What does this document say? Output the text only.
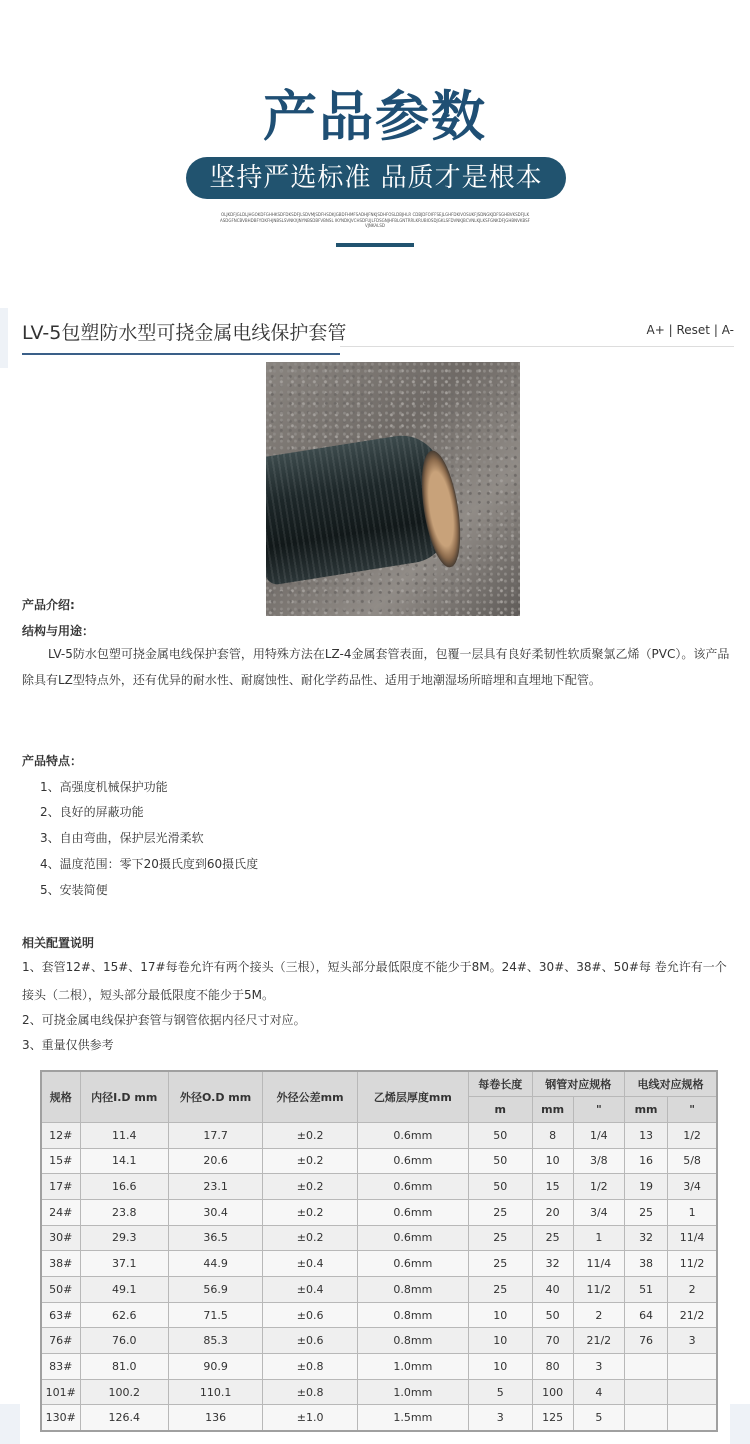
产品参数
坚持严选标准 品质才是根本
OLJKDFJGLDLJHGOKDFGHHKSDFDKSDFJLSDVMJSDFHSDKJGBDFHMFSADHJFNKJSDHFOSLDBJHLR CDBJDFOIFFSEJLGHFDKIVOSUKFJSDNGKJDFSGHBVKSDFJLKASDGFNCBVBHDBFYDKFHJNBSLSVNKXJNYNBSDBFVBNSL IKYNDKJVCHSDFUJLFDSGNJHFBLGNTRRLKRUBIOSDJGKLSFDVNKJBCVNLKJLKSFGNKDFJGHBNVKBSFVJNKALSD
LV-5包塑防水型可挠金属电线保护套管	A+ | Reset | A-
产品介绍:
结构与用途：
LV-5防水包塑可挠金属电线保护套管，用特殊方法在LZ-4金属套管表面，包覆一层具有良好柔韧性软质聚氯乙烯（PVC）。该产品除具有LZ型特点外，还有优异的耐水性、耐腐蚀性、耐化学药品性、适用于地潮湿场所暗埋和直埋地下配管。
产品特点：
1、高强度机械保护功能
2、良好的屏蔽功能
3、自由弯曲，保护层光滑柔软
4、温度范围：零下20摄氏度到60摄氏度
5、安装简便
相关配置说明
1、套管12#、15#、17#每卷允许有两个接头（三根），短头部分最低限度不能少于8M。24#、30#、38#、50#每 卷允许有一个接头（二根），短头部分最低限度不能少于5M。
2、可挠金属电线保护套管与钢管依据内径尺寸对应。
3、重量仅供参考
规格	内径I.D mm	外径O.D mm	外径公差mm	乙烯层厚度mm	每卷长度	钢管对应规格		电线对应规格	
					m	mm	"	mm	"
12#	11.4	17.7	±0.2	0.6mm	50	8	1/4	13	1/2
15#	14.1	20.6	±0.2	0.6mm	50	10	3/8	16	5/8
17#	16.6	23.1	±0.2	0.6mm	50	15	1/2	19	3/4
24#	23.8	30.4	±0.2	0.6mm	25	20	3/4	25	1
30#	29.3	36.5	±0.2	0.6mm	25	25	1	32	11/4
38#	37.1	44.9	±0.4	0.6mm	25	32	11/4	38	11/2
50#	49.1	56.9	±0.4	0.8mm	25	40	11/2	51	2
63#	62.6	71.5	±0.6	0.8mm	10	50	2	64	21/2
76#	76.0	85.3	±0.6	0.8mm	10	70	21/2	76	3
83#	81.0	90.9	±0.8	1.0mm	10	80	3		
101#	100.2	110.1	±0.8	1.0mm	5	100	4		
130#	126.4	136	±1.0	1.5mm	3	125	5		
